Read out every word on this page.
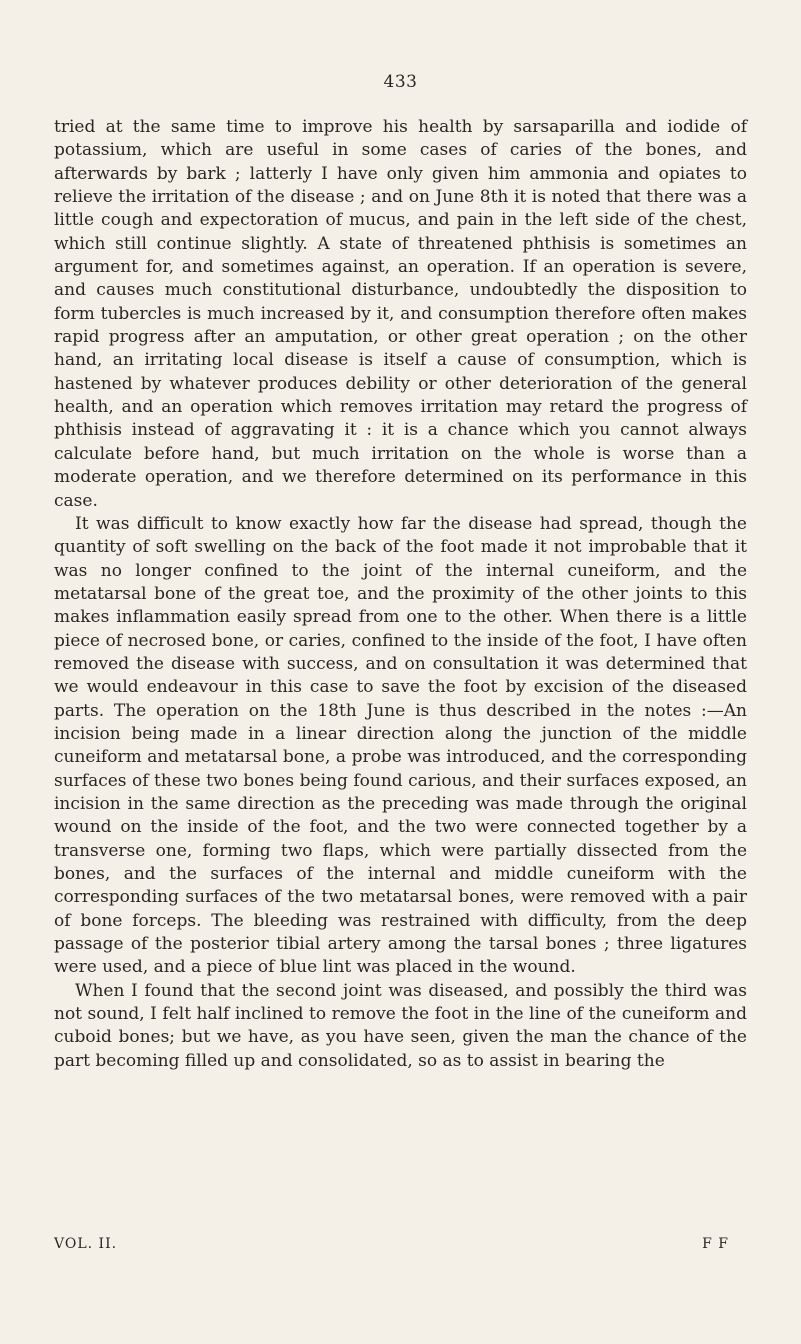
433

tried at the same time to improve his health by sarsaparilla and iodide of potassium, which are useful in some cases of caries of the bones, and afterwards by bark ; latterly I have only given him ammonia and opiates to relieve the irritation of the disease ; and on June 8th it is noted that there was a little cough and expectoration of mucus, and pain in the left side of the chest, which still continue slightly. A state of threatened phthisis is sometimes an argument for, and sometimes against, an operation. If an operation is severe, and causes much constitutional disturbance, undoubtedly the disposition to form tubercles is much increased by it, and consumption therefore often makes rapid progress after an amputation, or other great operation ; on the other hand, an irritating local disease is itself a cause of consumption, which is hastened by whatever produces debility or other deterioration of the general health, and an operation which removes irritation may retard the progress of phthisis instead of aggravating it : it is a chance which you cannot always calculate before hand, but much irritation on the whole is worse than a moderate operation, and we therefore determined on its performance in this case.

It was difficult to know exactly how far the disease had spread, though the quantity of soft swelling on the back of the foot made it not improbable that it was no longer confined to the joint of the internal cuneiform, and the metatarsal bone of the great toe, and the proximity of the other joints to this makes inflammation easily spread from one to the other. When there is a little piece of necrosed bone, or caries, confined to the inside of the foot, I have often removed the disease with success, and on consultation it was determined that we would endeavour in this case to save the foot by excision of the diseased parts. The operation on the 18th June is thus described in the notes :—An incision being made in a linear direction along the junction of the middle cuneiform and metatarsal bone, a probe was introduced, and the corresponding surfaces of these two bones being found carious, and their surfaces exposed, an incision in the same direction as the preceding was made through the original wound on the inside of the foot, and the two were connected together by a transverse one, forming two flaps, which were partially dissected from the bones, and the surfaces of the internal and middle cuneiform with the corresponding surfaces of the two metatarsal bones, were removed with a pair of bone forceps. The bleeding was restrained with difficulty, from the deep passage of the posterior tibial artery among the tarsal bones ; three ligatures were used, and a piece of blue lint was placed in the wound.

When I found that the second joint was diseased, and possibly the third was not sound, I felt half inclined to remove the foot in the line of the cuneiform and cuboid bones; but we have, as you have seen, given the man the chance of the part becoming filled up and consolidated, so as to assist in bearing the

VOL. II.	F F
